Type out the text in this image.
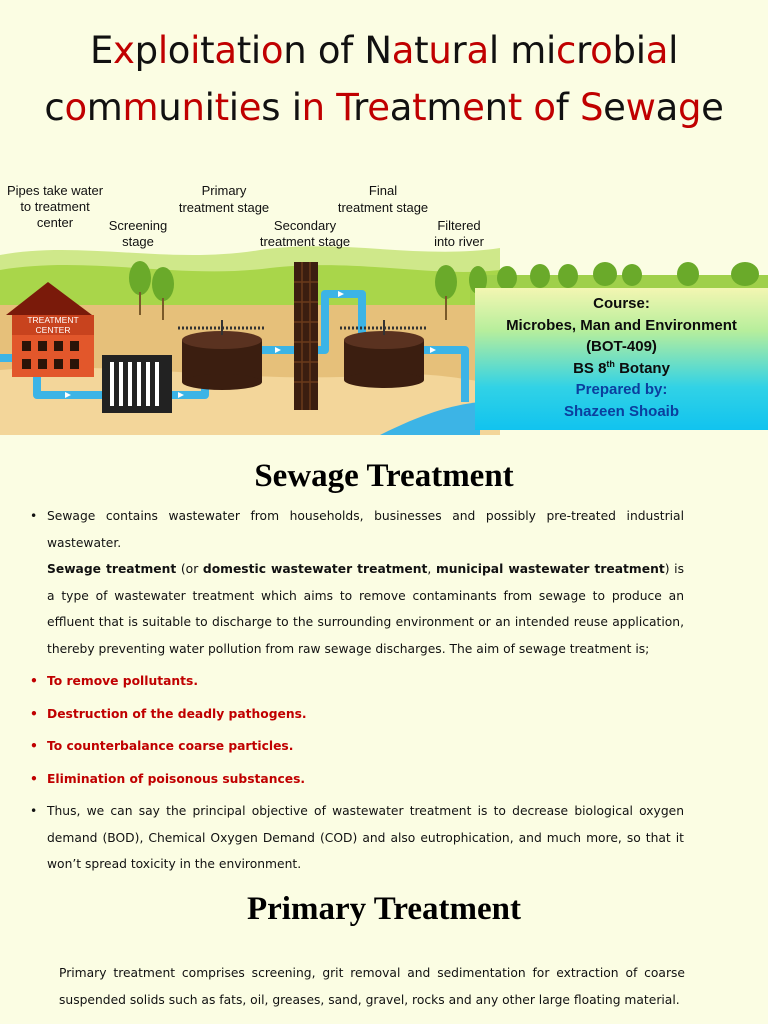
Exploitation of Natural microbial
communities in Treatment of Sewage
TREATMENT
CENTER
Pipes take water
to treatment
center	Screening
stage
Primary
treatment stage
Secondary
treatment stage
Final
treatment stage
Filtered
into river
Course:
Microbes, Man and Environment
(BOT-409)
BS 8th Botany
Prepared by:
Shazeen Shoaib
Sewage Treatment
• Sewage contains wastewater from households, businesses and possibly pre-treated industrial wastewater.
Sewage treatment (or domestic wastewater treatment, municipal wastewater treatment) is a type of wastewater treatment which aims to remove contaminants from sewage to produce an effluent that is suitable to discharge to the surrounding environment or an intended reuse application, thereby preventing water pollution from raw sewage discharges. The aim of sewage treatment is;
• To remove pollutants.
• Destruction of the deadly pathogens.
• To counterbalance coarse particles.
• Elimination of poisonous substances.
• Thus, we can say the principal objective of wastewater treatment is to decrease biological oxygen demand (BOD), Chemical Oxygen Demand (COD) and also eutrophication, and much more, so that it won’t spread toxicity in the environment.
Primary Treatment
Primary treatment comprises screening, grit removal and sedimentation for extraction of coarse suspended solids such as fats, oil, greases, sand, gravel, rocks and any other large floating material.
